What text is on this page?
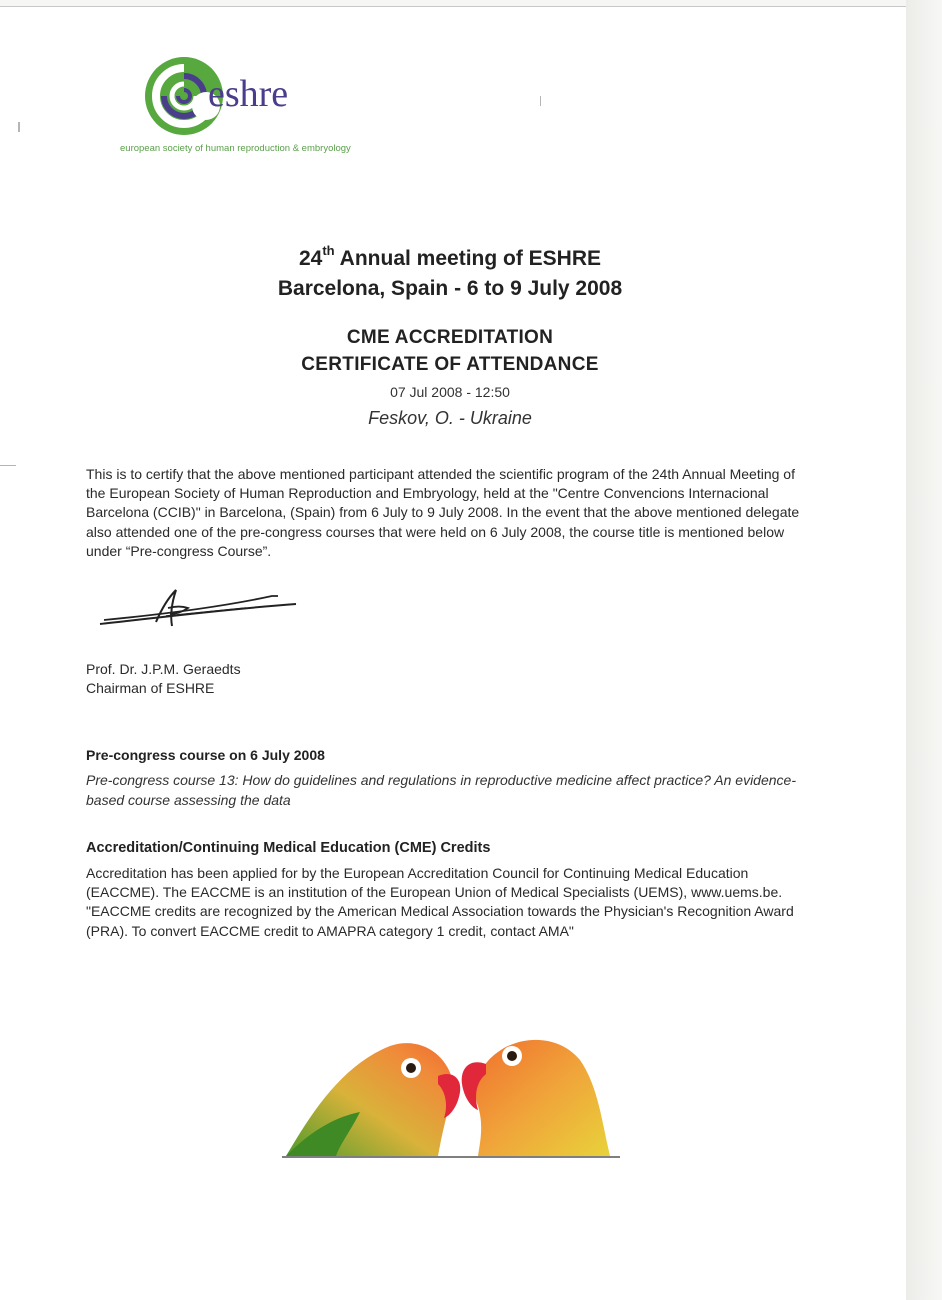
eshre
european society of human reproduction & embryology
24th Annual meeting of ESHRE
Barcelona, Spain - 6 to 9 July 2008
CME ACCREDITATION
CERTIFICATE OF ATTENDANCE
07 Jul 2008 - 12:50
Feskov, O. - Ukraine
This is to certify that the above mentioned participant attended the scientific program of the 24th Annual Meeting of the European Society of Human Reproduction and Embryology, held at the "Centre Convencions Internacional Barcelona (CCIB)" in Barcelona, (Spain) from 6 July to 9 July 2008. In the event that the above mentioned delegate also attended one of the pre-congress courses that were held on 6 July 2008, the course title is mentioned below under “Pre-congress Course”.
Prof. Dr. J.P.M. Geraedts
Chairman of ESHRE
Pre-congress course on 6 July 2008
Pre-congress course 13: How do guidelines and regulations in reproductive medicine affect practice? An evidence-based course assessing the data
Accreditation/Continuing Medical Education (CME) Credits

Accreditation has been applied for by the European Accreditation Council for Continuing Medical Education (EACCME). The EACCME is an institution of the European Union of Medical Specialists (UEMS), www.uems.be.

"EACCME credits are recognized by the American Medical Association towards the Physician's Recognition Award (PRA). To convert EACCME credit to AMAPRA category 1 credit, contact AMA"
